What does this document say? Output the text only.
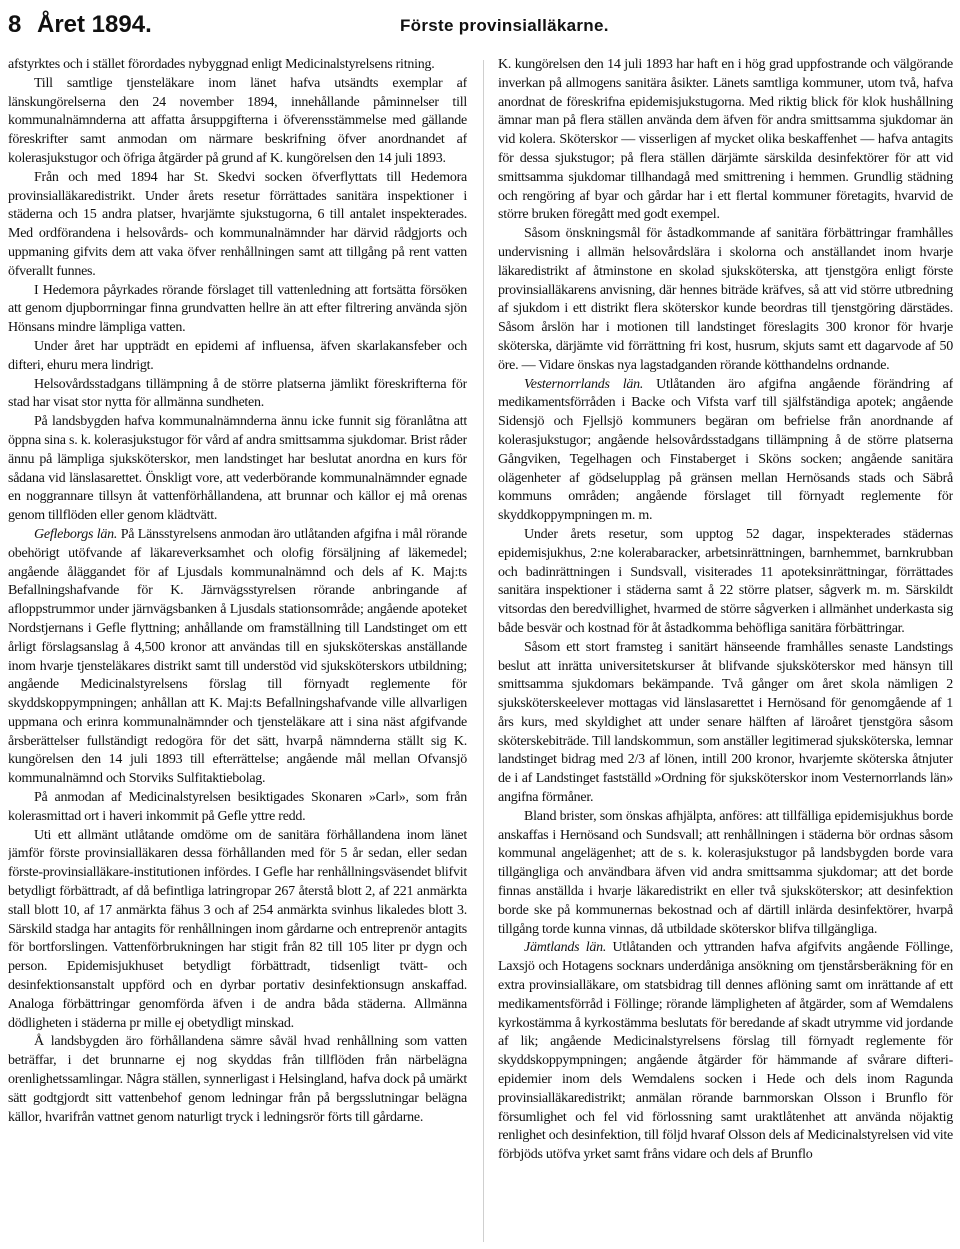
8 Året 1894.	Förste provinsialläkarne.

afstyrktes och i stället förordades nybyggnad enligt Medicinalstyrelsens ritning.

Till samtlige tjensteläkare inom länet hafva utsändts exemplar af länskungörelserna den 24 november 1894, innehållande påminnelser till kommunalnämnderna att affatta årsuppgifterna i öfverensstämmelse med gällande föreskrifter samt anmodan om närmare beskrifning öfver anordnandet af kolerasjukstugor och öfriga åtgärder på grund af K. kungörelsen den 14 juli 1893.

Från och med 1894 har St. Skedvi socken öfverflyttats till Hedemora provinsialläkaredistrikt. Under årets resetur förrättades sanitära inspektioner i städerna och 15 andra platser, hvarjämte sjukstugorna, 6 till antalet inspekterades. Med ordförandena i helsovårds- och kommunalnämnder har därvid rådgjorts och uppmaning gifvits dem att vaka öfver renhållningen samt att tillgång på rent vatten öfverallt funnes.

I Hedemora påyrkades rörande förslaget till vattenledning att fortsätta försöken att genom djupborrningar finna grundvatten hellre än att efter filtrering använda sjön Hönsans mindre lämpliga vatten.

Under året har uppträdt en epidemi af influensa, äfven skarlakansfeber och difteri, ehuru mera lindrigt.

Helsovårdsstadgans tillämpning å de större platserna jämlikt föreskrifterna för stad har visat stor nytta för allmänna sundheten.

På landsbygden hafva kommunalnämnderna ännu icke funnit sig föranlåtna att öppna sina s. k. kolerasjukstugor för vård af andra smittsamma sjukdomar. Brist råder ännu på lämpliga sjuksköterskor, men landstinget har beslutat anordna en kurs för sådana vid länslasarettet. Önskligt vore, att vederbörande kommunalnämnder egnade en noggrannare tillsyn åt vattenförhållandena, att brunnar och källor ej må orenas genom tillflöden eller genom klädtvätt.

Gefleborgs län. På Länsstyrelsens anmodan äro utlåtanden afgifna i mål rörande obehörigt utöfvande af läkareverksamhet och olofig försäljning af läkemedel; angående åläggandet för af Ljusdals kommunalnämnd och dels af K. Maj:ts Befallningshafvande för K. Järnvägsstyrelsen rörande anbringande af afloppstrummor under järnvägsbanken å Ljusdals stationsområde; angående apoteket Nordstjernans i Gefle flyttning; anhållande om framställning till Landstinget om ett årligt förslagsanslag å 4,500 kronor att användas till en sjuksköterskas anställande inom hvarje tjensteläkares distrikt samt till understöd vid sjuksköterskors utbildning; angående Medicinalstyrelsens förslag till förnyadt reglemente för skyddskoppympningen; anhållan att K. Maj:ts Befallningshafvande ville allvarligen uppmana och erinra kommunalnämnder och tjensteläkare att i sina näst afgifvande årsberättelser fullständigt redogöra för det sätt, hvarpå nämnderna ställt sig K. kungörelsen den 14 juli 1893 till efterrättelse; angående mål mellan Ofvansjö kommunalnämnd och Storviks Sulfitaktiebolag.

På anmodan af Medicinalstyrelsen besiktigades Skonaren »Carl», som från kolerasmittad ort i haveri inkommit på Gefle yttre redd.

Uti ett allmänt utlåtande omdöme om de sanitära förhållandena inom länet jämför förste provinsialläkaren dessa förhållanden med för 5 år sedan, eller sedan förste-provinsialläkare-institutionen infördes. I Gefle har renhållningsväsendet blifvit betydligt förbättradt, af då befintliga latringropar 267 återstå blott 2, af 221 anmärkta stall blott 10, af 17 anmärkta fähus 3 och af 254 anmärkta svinhus likaledes blott 3. Särskild stadga har antagits för renhållningen inom gårdarne och entreprenör antagits för bortforslingen. Vattenförbrukningen har stigit från 82 till 105 liter pr dygn och person. Epidemisjukhuset betydligt förbättradt, tidsenligt tvätt- och desinfektionsanstalt uppförd och en dyrbar portativ desinfektionsugn anskaffad. Analoga förbättringar genomförda äfven i de andra båda städerna. Allmänna dödligheten i städerna pr mille ej obetydligt minskad.

Å landsbygden äro förhållandena sämre såväl hvad renhållning som vatten beträffar, i det brunnarne ej nog skyddas från tillflöden från närbelägna orenlighetssamlingar. Några ställen, synnerligast i Helsingland, hafva dock på umärkt sätt godtgjordt sitt vattenbehof genom ledningar från på bergsslutningar belägna källor, hvarifrån vattnet genom naturligt tryck i ledningsrör förts till gårdarne.

K. kungörelsen den 14 juli 1893 har haft en i hög grad uppfostrande och välgörande inverkan på allmogens sanitära åsikter. Länets samtliga kommuner, utom två, hafva anordnat de föreskrifna epidemisjukstugorna. Med riktig blick för klok hushållning ämnar man på flera ställen använda dem äfven för andra smittsamma sjukdomar än vid kolera. Sköterskor — visserligen af mycket olika beskaffenhet — hafva antagits för dessa sjukstugor; på flera ställen därjämte särskilda desinfektörer för att vid smittsamma sjukdomar tillhandagå med smittrening i hemmen. Grundlig städning och rengöring af byar och gårdar har i ett flertal kommuner företagits, hvarvid de större bruken föregått med godt exempel.

Såsom önskningsmål för åstadkommande af sanitära förbättringar framhålles undervisning i allmän helsovårdslära i skolorna och anställandet inom hvarje läkaredistrikt af åtminstone en skolad sjuksköterska, att tjenstgöra enligt förste provinsialläkarens anvisning, där hennes biträde kräfves, så att vid större utbredning af sjukdom i ett distrikt flera sköterskor kunde beordras till tjenstgöring därstädes. Såsom årslön har i motionen till landstinget föreslagits 300 kronor för hvarje sköterska, därjämte vid förrättning fri kost, husrum, skjuts samt ett dagarvode af 50 öre. — Vidare önskas nya lagstadganden rörande kötthandelns ordnande.

Vesternorrlands län. Utlåtanden äro afgifna angående förändring af medikamentsförråden i Backe och Vifsta varf till själfständiga apotek; angående Sidensjö och Fjellsjö kommuners begäran om befrielse från anordnande af kolerasjukstugor; angående helsovårdsstadgans tillämpning å de större platserna Gångviken, Tegelhagen och Finstaberget i Sköns socken; angående sanitära olägenheter af gödselupplag på gränsen mellan Hernösands stads och Säbrå kommuns områden; angående förslaget till förnyadt reglemente för skyddkoppympningen m. m.

Under årets resetur, som upptog 52 dagar, inspekterades städernas epidemisjukhus, 2:ne kolerabaracker, arbetsinrättningen, barnhemmet, barnkrubban och badinrättningen i Sundsvall, visiterades 11 apoteksinrättningar, förrättades sanitära inspektioner i städerna samt å 22 större platser, sågverk m. m. Särskildt vitsordas den beredvillighet, hvarmed de större sågverken i allmänhet underkasta sig både besvär och kostnad för åt åstadkomma behöfliga sanitära förbättringar.

Såsom ett stort framsteg i sanitärt hänseende framhålles senaste Landstings beslut att inrätta universitetskurser åt blifvande sjuksköterskor med hänsyn till smittsamma sjukdomars bekämpande. Två gånger om året skola nämligen 2 sjuksköterskeelever mottagas vid länslasarettet i Hernösand för genomgående af 1 års kurs, med skyldighet att under senare hälften af läroåret tjenstgöra såsom sköterskebiträde. Till landskommun, som anställer legitimerad sjuksköterska, lemnar landstinget bidrag med 2/3 af lönen, intill 200 kronor, hvarjemte sköterska åtnjuter de i af Landstinget fastställd »Ordning för sjuksköterskor inom Vesternorrlands län» angifna förmåner.

Bland brister, som önskas afhjälpta, anföres: att tillfälliga epidemisjukhus borde anskaffas i Hernösand och Sundsvall; att renhållningen i städerna bör ordnas såsom kommunal angelägenhet; att de s. k. kolerasjukstugor på landsbygden borde vara tillgängliga och användbara äfven vid andra smittsamma sjukdomar; att det borde finnas anställda i hvarje läkaredistrikt en eller två sjuksköterskor; att desinfektion borde ske på kommunernas bekostnad och af därtill inlärda desinfektörer, hvarpå tillgång torde kunna vinnas, då utbildade sköterskor blifva tillgängliga.

Jämtlands län. Utlåtanden och yttranden hafva afgifvits angående Föllinge, Laxsjö och Hotagens socknars underdåniga ansökning om tjenstårsberäkning för en extra provinsialläkare, om statsbidrag till dennes aflöning samt om inrättande af ett medikamentsförråd i Föllinge; rörande lämpligheten af åtgärder, som af Wemdalens kyrkostämma å kyrkostämma beslutats för beredande af skadt utrymme vid jordande af lik; angående Medicinalstyrelsens förslag till förnyadt reglemente för skyddskoppympningen; angående åtgärder för hämmande af svårare difteri-epidemier inom dels Wemdalens socken i Hede och dels inom Ragunda provinsialläkaredistrikt; anmälan rörande barnmorskan Olsson i Brunflo för försumlighet och fel vid förlossning samt uraktlåtenhet att använda nöjaktig renlighet och desinfektion, till följd hvaraf Olsson dels af Medicinalstyrelsen vid vite förbjöds utöfva yrket samt fråns vidare och dels af Brunflo
